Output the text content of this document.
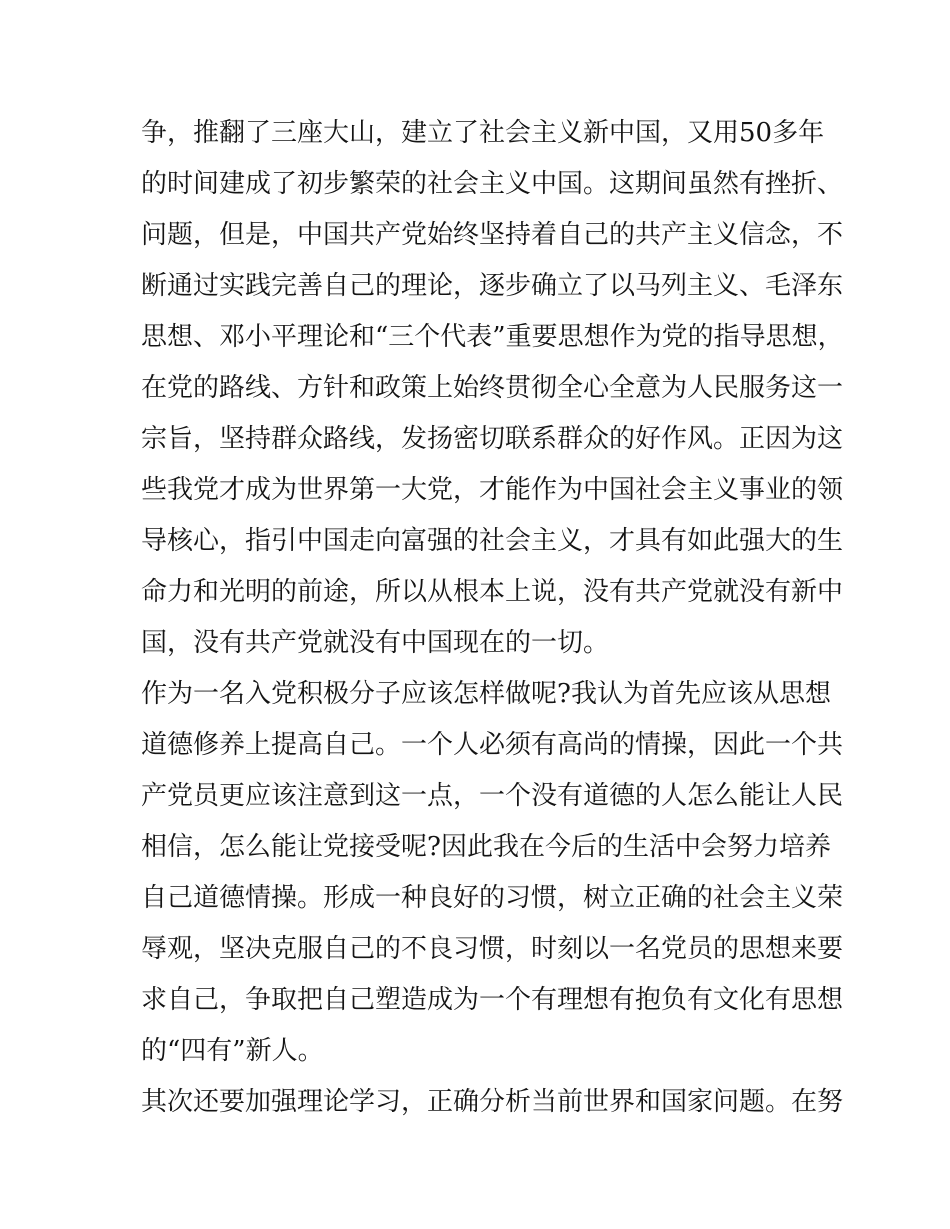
争，推翻了三座大山，建立了社会主义新中国，又用50多年
的时间建成了初步繁荣的社会主义中国。这期间虽然有挫折、
问题，但是，中国共产党始终坚持着自己的共产主义信念，不
断通过实践完善自己的理论，逐步确立了以马列主义、毛泽东
思想、邓小平理论和“三个代表”重要思想作为党的指导思想，
在党的路线、方针和政策上始终贯彻全心全意为人民服务这一
宗旨，坚持群众路线，发扬密切联系群众的好作风。正因为这
些我党才成为世界第一大党，才能作为中国社会主义事业的领
导核心，指引中国走向富强的社会主义，才具有如此强大的生
命力和光明的前途，所以从根本上说，没有共产党就没有新中
国，没有共产党就没有中国现在的一切。
作为一名入党积极分子应该怎样做呢?我认为首先应该从思想
道德修养上提高自己。一个人必须有高尚的情操，因此一个共
产党员更应该注意到这一点，一个没有道德的人怎么能让人民
相信，怎么能让党接受呢?因此我在今后的生活中会努力培养
自己道德情操。形成一种良好的习惯，树立正确的社会主义荣
辱观，坚决克服自己的不良习惯，时刻以一名党员的思想来要
求自己，争取把自己塑造成为一个有理想有抱负有文化有思想
的“四有”新人。
其次还要加强理论学习，正确分析当前世界和国家问题。在努
